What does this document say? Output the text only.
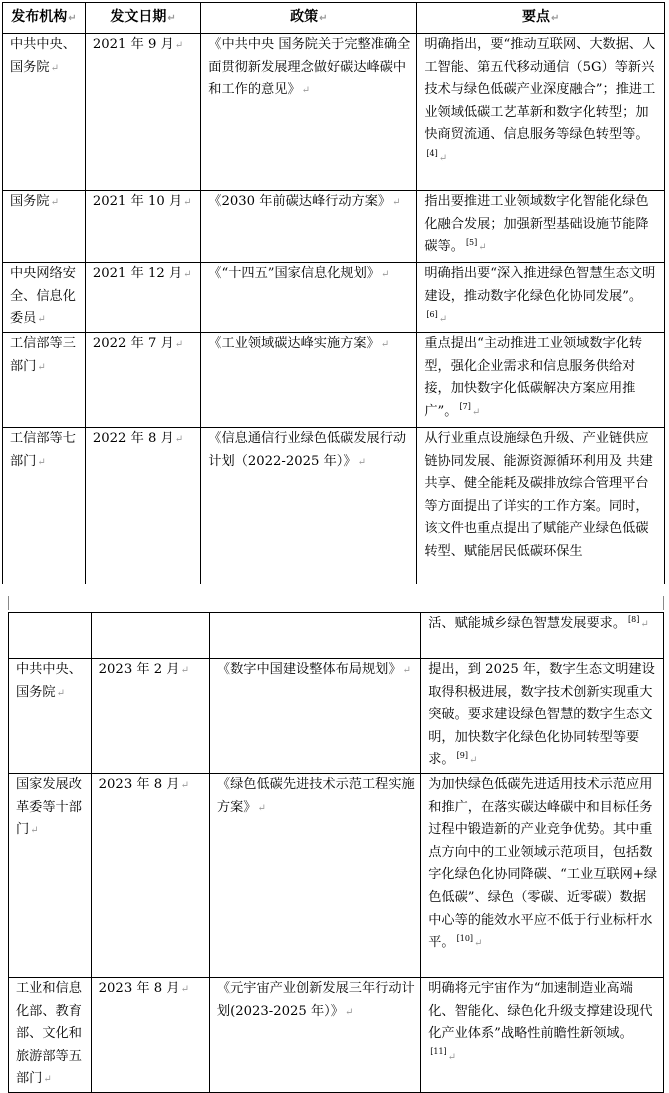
发布机构↵	发文日期↵	政策↵	要点↵
中共中央、国务院↵	2021 年 9 月↵	《中共中央 国务院关于完整准确全面贯彻新发展理念做好碳达峰碳中和工作的意见》↵	明确指出，要“推动互联网、大数据、人工智能、第五代移动通信（5G）等新兴技术与绿色低碳产业深度融合”；推进工业领域低碳工艺革新和数字化转型；加快商贸流通、信息服务等绿色转型等。[4]↵
国务院↵	2021 年 10 月↵	《2030 年前碳达峰行动方案》↵	指出要推进工业领域数字化智能化绿色化融合发展；加强新型基础设施节能降碳等。 [5]↵
中央网络安全、信息化委员↵	2021 年 12 月↵	《“十四五”国家信息化规划》↵	明确指出要“深入推进绿色智慧生态文明建设，推动数字化绿色化协同发展”。[6]↵
工信部等三部门↵	2022 年 7 月↵	《工业领域碳达峰实施方案》↵	重点提出“主动推进工业领域数字化转型，强化企业需求和信息服务供给对接，加快数字化低碳解决方案应用推广”。 [7]↵
工信部等七部门↵	2022 年 8 月↵	《信息通信行业绿色低碳发展行动计划（2022-2025 年）》↵	从行业重点设施绿色升级、产业链供应链协同发展、能源资源循环利用及 共建共享、健全能耗及碳排放综合管理平台等方面提出了详实的工作方案。同时，该文件也重点提出了赋能产业绿色低碳转型、赋能居民低碳环保生
			活、赋能城乡绿色智慧发展要求。 [8]↵
中共中央、国务院↵	2023 年 2 月↵	《数字中国建设整体布局规划》↵	提出，到 2025 年，数字生态文明建设取得积极进展，数字技术创新实现重大突破。要求建设绿色智慧的数字生态文明，加快数字化绿色化协同转型等要求。 [9]↵
国家发展改革委等十部门↵	2023 年 8 月↵	《绿色低碳先进技术示范工程实施方案》↵	为加快绿色低碳先进适用技术示范应用和推广，在落实碳达峰碳中和目标任务过程中锻造新的产业竞争优势。其中重点方向中的工业领域示范项目，包括数字化绿色化协同降碳、“工业互联网+绿色低碳”、绿色（零碳、近零碳）数据中心等的能效水平应不低于行业标杆水平。 [10]↵
工业和信息化部、教育部、文化和旅游部等五部门↵	2023 年 8 月↵	《元宇宙产业创新发展三年行动计划(2023-2025 年）》↵	明确将元宇宙作为“加速制造业高端化、智能化、绿色化升级支撑建设现代化产业体系”战略性前瞻性新领域。[11]↵
